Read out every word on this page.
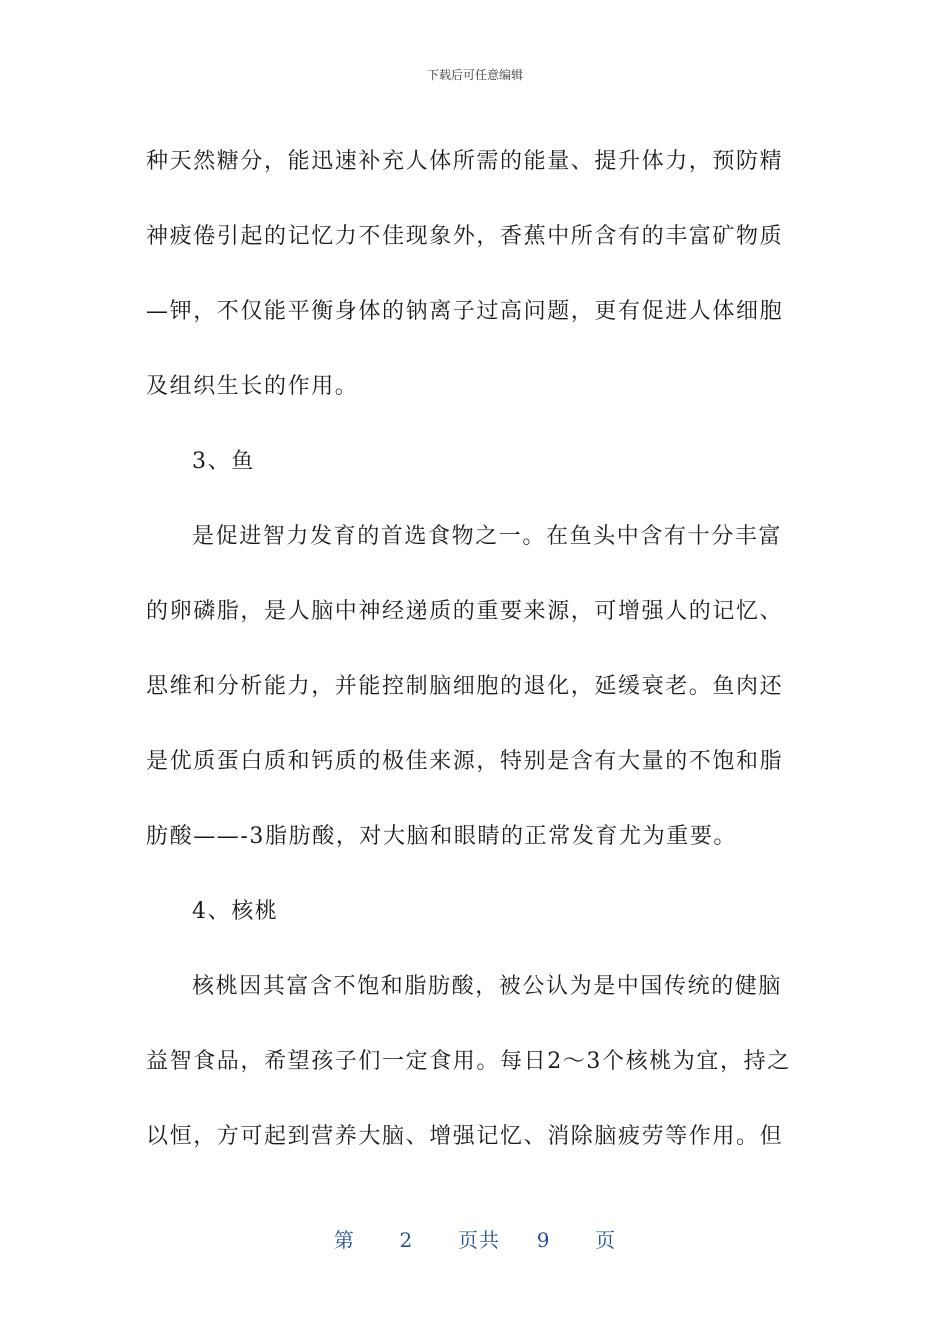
下载后可任意编辑
种天然糖分，能迅速补充人体所需的能量、提升体力，预防精
神疲倦引起的记忆力不佳现象外，香蕉中所含有的丰富矿物质
—钾，不仅能平衡身体的钠离子过高问题，更有促进人体细胞
及组织生长的作用。
3、鱼
是促进智力发育的首选食物之一。在鱼头中含有十分丰富
的卵磷脂，是人脑中神经递质的重要来源，可增强人的记忆、
思维和分析能力，并能控制脑细胞的退化，延缓衰老。鱼肉还
是优质蛋白质和钙质的极佳来源，特别是含有大量的不饱和脂
肪酸——-3脂肪酸，对大脑和眼睛的正常发育尤为重要。
4、核桃
核桃因其富含不饱和脂肪酸，被公认为是中国传统的健脑
益智食品，希望孩子们一定食用。每日2～3个核桃为宜，持之
以恒，方可起到营养大脑、增强记忆、消除脑疲劳等作用。但
第 2 页共 9 页
